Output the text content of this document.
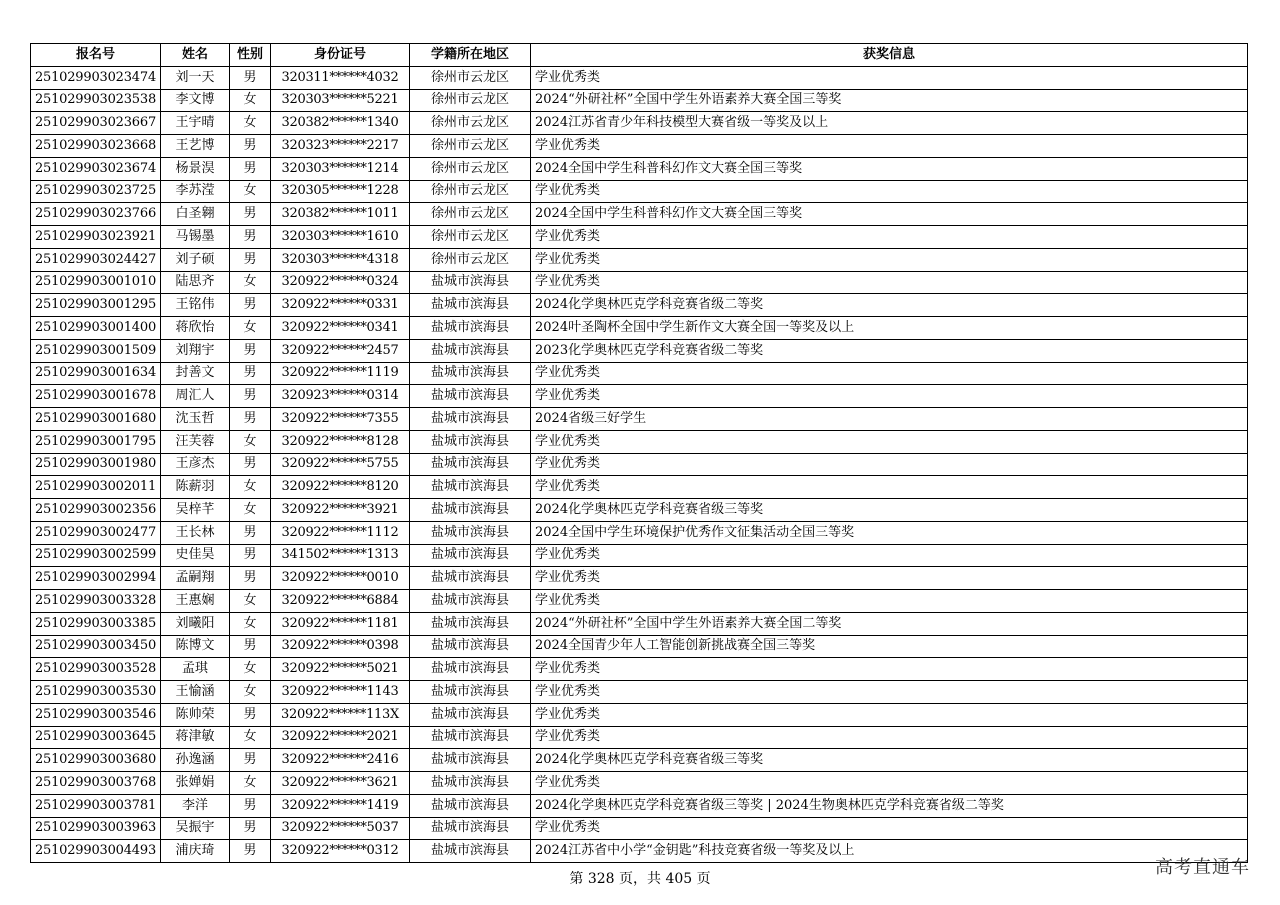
报名号	姓名	性别	身份证号	学籍所在地区	获奖信息
251029903023474	刘一天	男	320311******4032	徐州市云龙区	学业优秀类
251029903023538	李文博	女	320303******5221	徐州市云龙区	2024“外研社杯”全国中学生外语素养大赛全国三等奖
251029903023667	王宇晴	女	320382******1340	徐州市云龙区	2024江苏省青少年科技模型大赛省级一等奖及以上
251029903023668	王艺博	男	320323******2217	徐州市云龙区	学业优秀类
251029903023674	杨景淏	男	320303******1214	徐州市云龙区	2024全国中学生科普科幻作文大赛全国三等奖
251029903023725	李苏滢	女	320305******1228	徐州市云龙区	学业优秀类
251029903023766	白圣翱	男	320382******1011	徐州市云龙区	2024全国中学生科普科幻作文大赛全国三等奖
251029903023921	马锡墨	男	320303******1610	徐州市云龙区	学业优秀类
251029903024427	刘子硕	男	320303******4318	徐州市云龙区	学业优秀类
251029903001010	陆思齐	女	320922******0324	盐城市滨海县	学业优秀类
251029903001295	王铭伟	男	320922******0331	盐城市滨海县	2024化学奥林匹克学科竞赛省级二等奖
251029903001400	蒋欣怡	女	320922******0341	盐城市滨海县	2024叶圣陶杯全国中学生新作文大赛全国一等奖及以上
251029903001509	刘翔宇	男	320922******2457	盐城市滨海县	2023化学奥林匹克学科竞赛省级二等奖
251029903001634	封善文	男	320922******1119	盐城市滨海县	学业优秀类
251029903001678	周汇人	男	320923******0314	盐城市滨海县	学业优秀类
251029903001680	沈玉哲	男	320922******7355	盐城市滨海县	2024省级三好学生
251029903001795	汪芙蓉	女	320922******8128	盐城市滨海县	学业优秀类
251029903001980	王彦杰	男	320922******5755	盐城市滨海县	学业优秀类
251029903002011	陈薪羽	女	320922******8120	盐城市滨海县	学业优秀类
251029903002356	吴梓芊	女	320922******3921	盐城市滨海县	2024化学奥林匹克学科竞赛省级三等奖
251029903002477	王长林	男	320922******1112	盐城市滨海县	2024全国中学生环境保护优秀作文征集活动全国三等奖
251029903002599	史佳昊	男	341502******1313	盐城市滨海县	学业优秀类
251029903002994	孟嗣翔	男	320922******0010	盐城市滨海县	学业优秀类
251029903003328	王惠娴	女	320922******6884	盐城市滨海县	学业优秀类
251029903003385	刘曦阳	女	320922******1181	盐城市滨海县	2024“外研社杯”全国中学生外语素养大赛全国二等奖
251029903003450	陈博文	男	320922******0398	盐城市滨海县	2024全国青少年人工智能创新挑战赛全国三等奖
251029903003528	孟琪	女	320922******5021	盐城市滨海县	学业优秀类
251029903003530	王愉涵	女	320922******1143	盐城市滨海县	学业优秀类
251029903003546	陈帅荣	男	320922******113X	盐城市滨海县	学业优秀类
251029903003645	蒋津敏	女	320922******2021	盐城市滨海县	学业优秀类
251029903003680	孙逸涵	男	320922******2416	盐城市滨海县	2024化学奥林匹克学科竞赛省级三等奖
251029903003768	张婵娟	女	320922******3621	盐城市滨海县	学业优秀类
251029903003781	李洋	男	320922******1419	盐城市滨海县	2024化学奥林匹克学科竞赛省级三等奖 | 2024生物奥林匹克学科竞赛省级二等奖
251029903003963	吴振宇	男	320922******5037	盐城市滨海县	学业优秀类
251029903004493	浦庆琦	男	320922******0312	盐城市滨海县	2024江苏省中小学“金钥匙”科技竞赛省级一等奖及以上
第 328 页，共 405 页
高考直通车
